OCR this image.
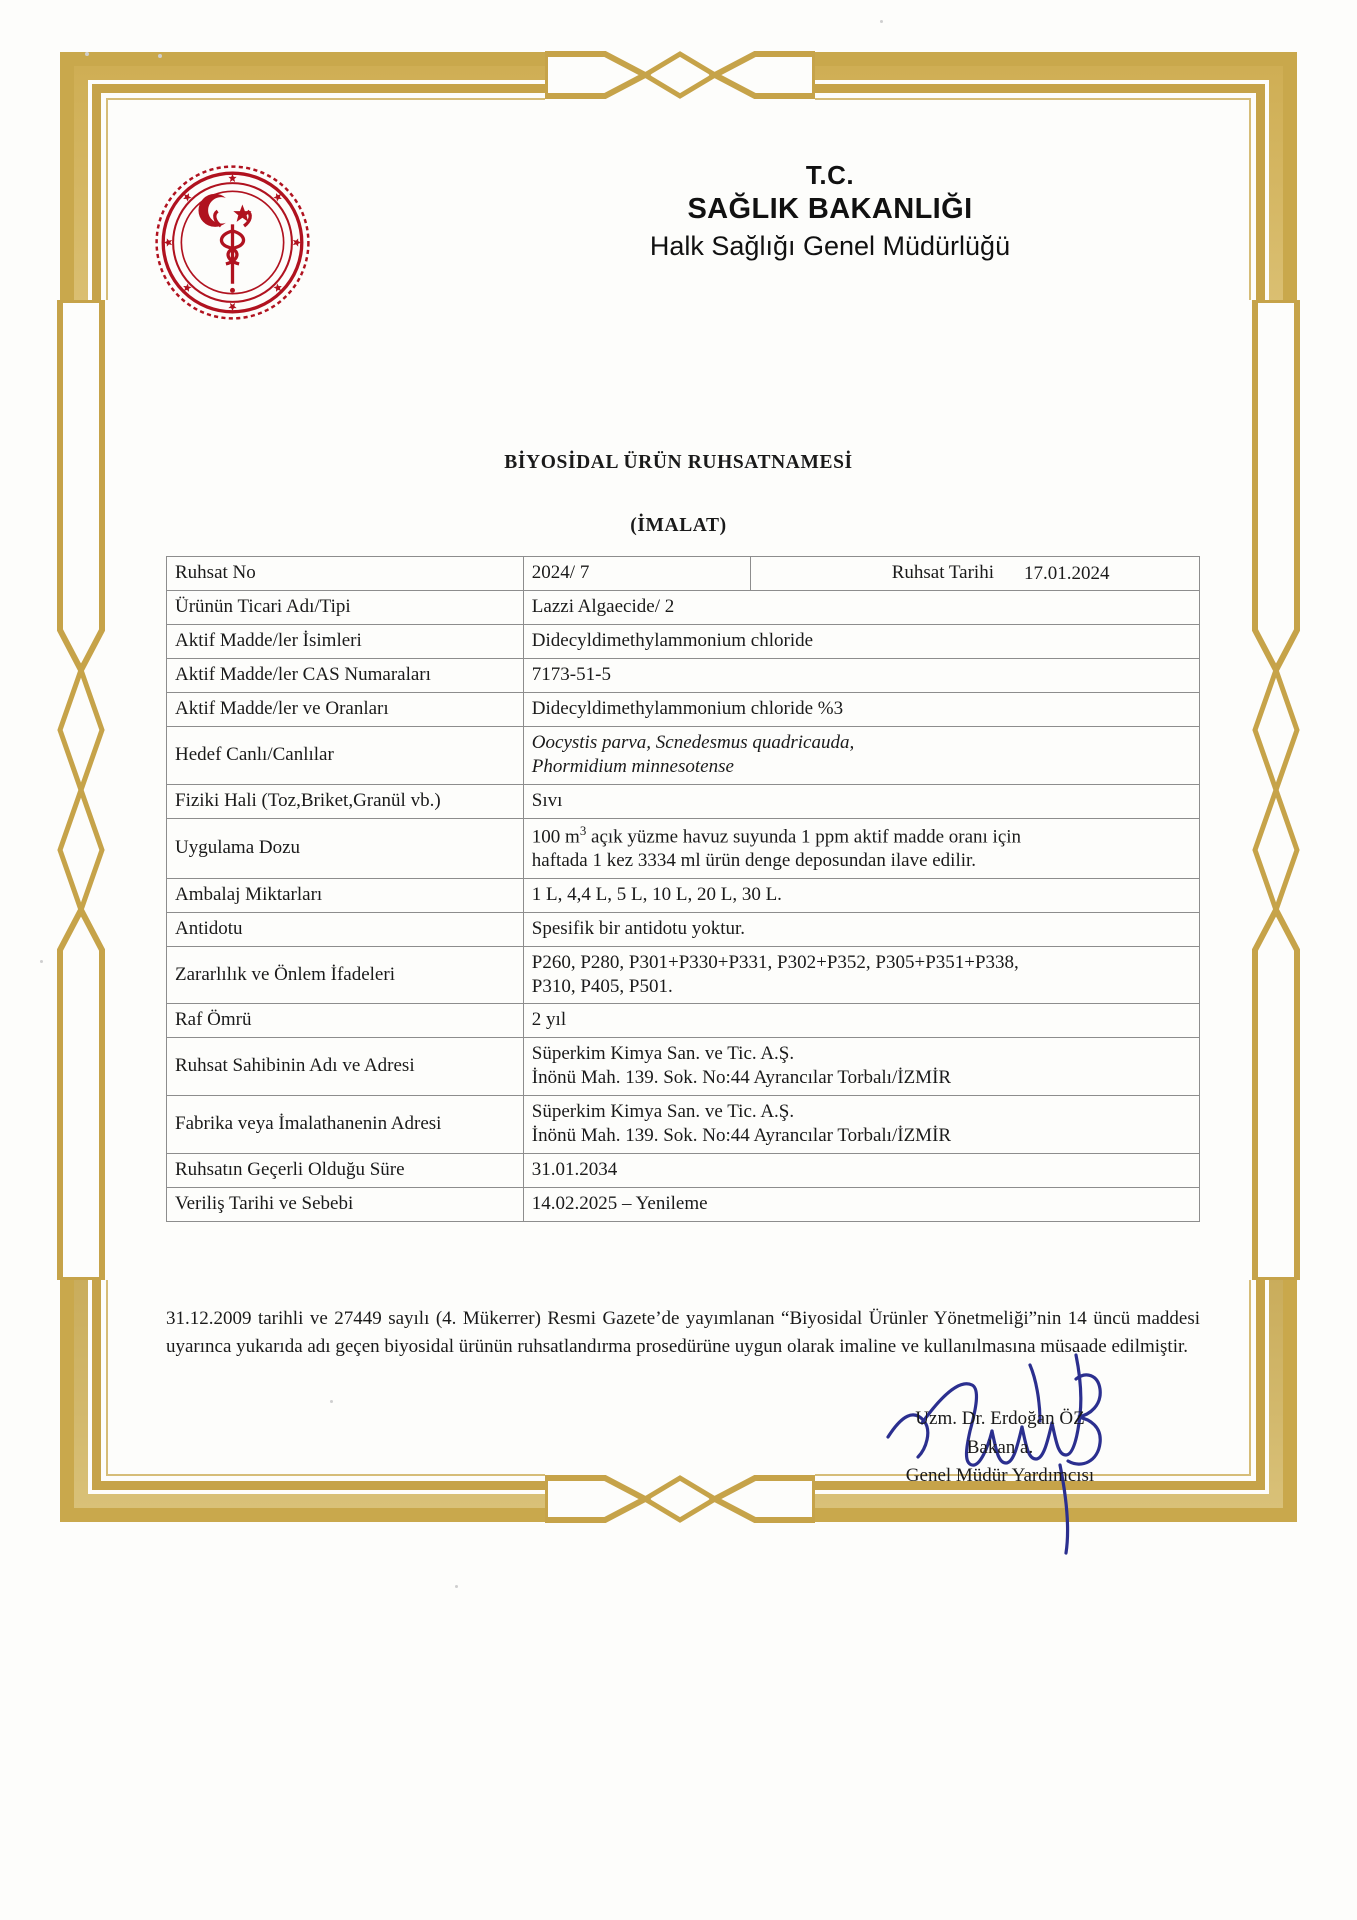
T.C.
SAĞLIK BAKANLIĞI
Halk Sağlığı Genel Müdürlüğü
BİYOSİDAL ÜRÜN RUHSATNAMESİ
(İMALAT)
Ruhsat No	2024/ 7 Ruhsat Tarihi 17.01.2024

Ürünün Ticari Adı/Tipi	Lazzi Algaecide/ 2
Aktif Madde/ler İsimleri	Didecyldimethylammonium chloride
Aktif Madde/ler CAS Numaraları	7173-51-5
Aktif Madde/ler ve Oranları	Didecyldimethylammonium chloride %3
Hedef Canlı/Canlılar	Oocystis parva, Scnedesmus quadricauda,
Phormidium minnesotense

Fiziki Hali (Toz,Briket,Granül vb.)	Sıvı
Uygulama Dozu	100 $m^3$ açık yüzme havuz suyunda 1 ppm aktif madde oranı için
haftada 1 kez 3334 ml ürün denge deposundan ilave edilir.

Ambalaj Miktarları	1 L, 4,4 L, 5 L, 10 L, 20 L, 30 L.
Antidotu	Spesifik bir antidotu yoktur.
Zararlılık ve Önlem İfadeleri	P260, P280, P301+P330+P331, P302+P352, P305+P351+P338,
P310, P405, P501.

Raf Ömrü	2 yıl
Ruhsat Sahibinin Adı ve Adresi	Süperkim Kimya San. ve Tic. A.Ş.
İnönü Mah. 139. Sok. No:44 Ayrancılar Torbalı/İZMİR

Fabrika veya İmalathanenin Adresi	Süperkim Kimya San. ve Tic. A.Ş.
İnönü Mah. 139. Sok. No:44 Ayrancılar Torbalı/İZMİR

Ruhsatın Geçerli Olduğu Süre	31.01.2034
Veriliş Tarihi ve Sebebi	14.02.2025 – Yenileme
31.12.2009 tarihli ve 27449 sayılı (4. Mükerrer) Resmi Gazete’de yayımlanan “Biyosidal Ürünler Yönetmeliği”nin 14 üncü maddesi uyarınca yukarıda adı geçen biyosidal ürünün ruhsatlandırma prosedürüne uygun olarak imaline ve kullanılmasına müsaade edilmiştir.
Uzm. Dr. Erdoğan ÖZ
Bakan a.
Genel Müdür Yardımcısı
